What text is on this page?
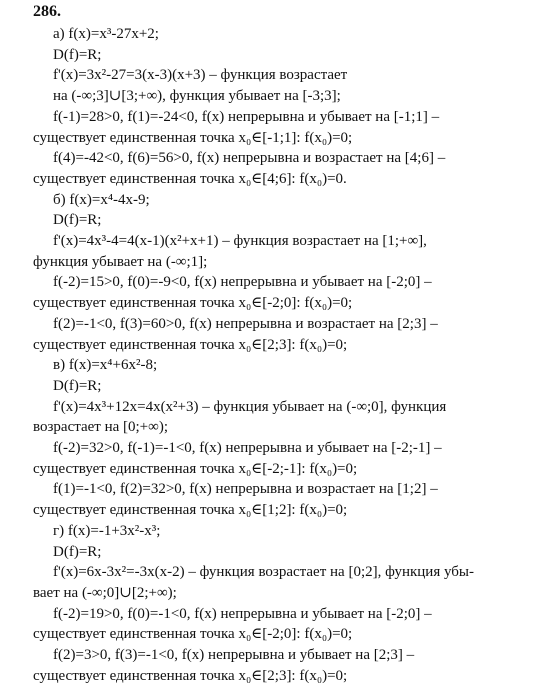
286.
а) f(x)=x³-27x+2;
D(f)=R;
f'(x)=3x²-27=3(x-3)(x+3) – функция возрастает
на (-∞;3]∪[3;+∞), функция убывает на [-3;3];
f(-1)=28>0, f(1)=-24<0, f(x) непрерывна и убывает на [-1;1] –
существует единственная точка x₀∈[-1;1]: f(x₀)=0;
f(4)=-42<0, f(6)=56>0, f(x) непрерывна и возрастает на [4;6] –
существует единственная точка x₀∈[4;6]: f(x₀)=0.
б) f(x)=x⁴-4x-9;
D(f)=R;
f'(x)=4x³-4=4(x-1)(x²+x+1) – функция возрастает на [1;+∞],
функция убывает на (-∞;1];
f(-2)=15>0, f(0)=-9<0, f(x) непрерывна и убывает на [-2;0] –
существует единственная точка x₀∈[-2;0]: f(x₀)=0;
f(2)=-1<0, f(3)=60>0, f(x) непрерывна и возрастает на [2;3] –
существует единственная точка x₀∈[2;3]: f(x₀)=0;
в) f(x)=x⁴+6x²-8;
D(f)=R;
f'(x)=4x³+12x=4x(x²+3) – функция убывает на (-∞;0], функция
возрастает на [0;+∞);
f(-2)=32>0, f(-1)=-1<0, f(x) непрерывна и убывает на [-2;-1] –
существует единственная точка x₀∈[-2;-1]: f(x₀)=0;
f(1)=-1<0, f(2)=32>0, f(x) непрерывна и возрастает на [1;2] –
существует единственная точка x₀∈[1;2]: f(x₀)=0;
г) f(x)=-1+3x²-x³;
D(f)=R;
f'(x)=6x-3x²=-3x(x-2) – функция возрастает на [0;2], функция убы-
вает на (-∞;0]∪[2;+∞);
f(-2)=19>0, f(0)=-1<0, f(x) непрерывна и убывает на [-2;0] –
существует единственная точка x₀∈[-2;0]: f(x₀)=0;
f(2)=3>0, f(3)=-1<0, f(x) непрерывна и убывает на [2;3] –
существует единственная точка x₀∈[2;3]: f(x₀)=0;
